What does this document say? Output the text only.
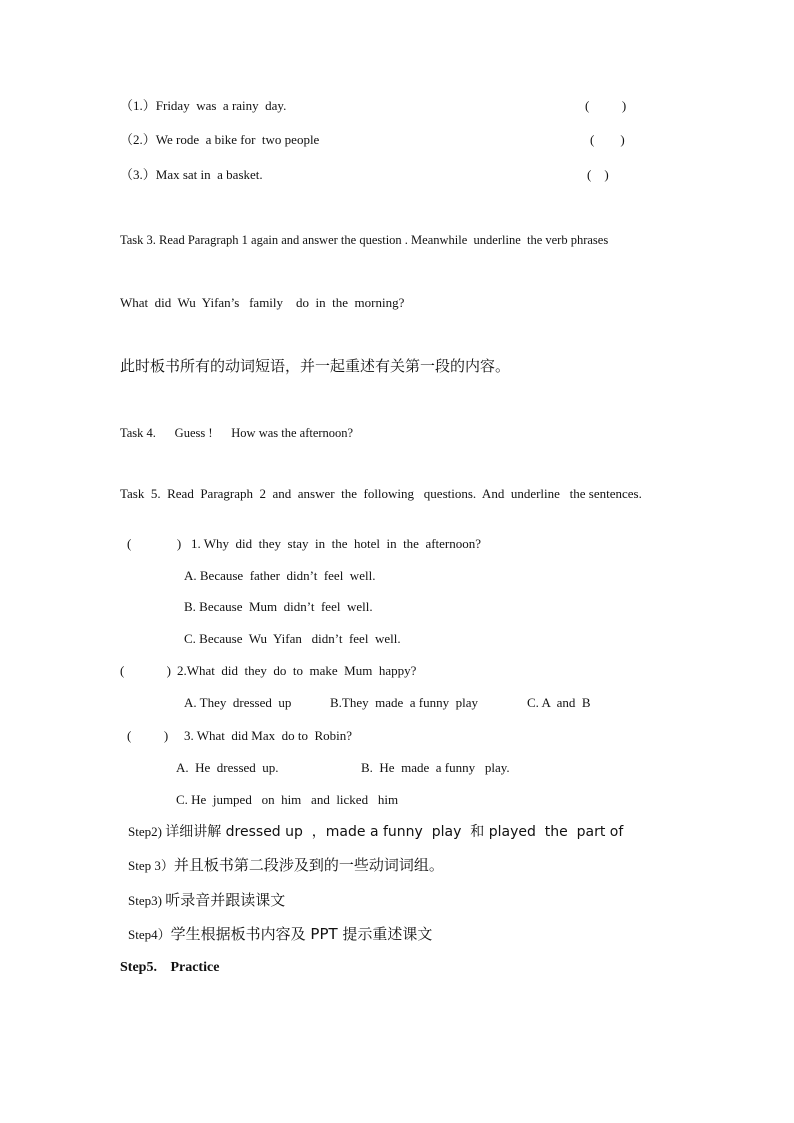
（1.）Friday  was  a rainy  day.	(          )
（2.）We rode  a bike for  two people	(        )
（3.）Max sat in  a basket.	(    )
Task 3. Read Paragraph 1 again and answer the question . Meanwhile  underline  the verb phrases
What  did  Wu  Yifan’s   family    do  in  the  morning?
此时板书所有的动词短语，并一起重述有关第一段的内容。
Task 4.      Guess !      How was the afternoon?
Task  5.  Read  Paragraph  2  and  answer  the  following   questions.  And  underline   the sentences.
(              ) 1. Why  did  they  stay  in  the  hotel  in  the  afternoon?
A. Because  father  didn’t  feel  well.
B. Because  Mum  didn’t  feel  well.
C. Because  Wu  Yifan   didn’t  feel  well.
(             ) 2.What  did  they  do  to  make  Mum  happy?
A. They  dressed  up	B.They  made  a funny  play	C. A  and  B
(          ) 3. What  did Max  do to  Robin?
A.  He  dressed  up.	B.  He  made  a funny   play.
C. He  jumped   on  him   and  licked   him
Step2) 详细讲解 dressed up  ，made a funny  play  和 played  the  part of
Step 3）并且板书第二段涉及到的一些动词词组。
Step3) 听录音并跟读课文
Step4）学生根据板书内容及 PPT 提示重述课文
Step5. Practice
